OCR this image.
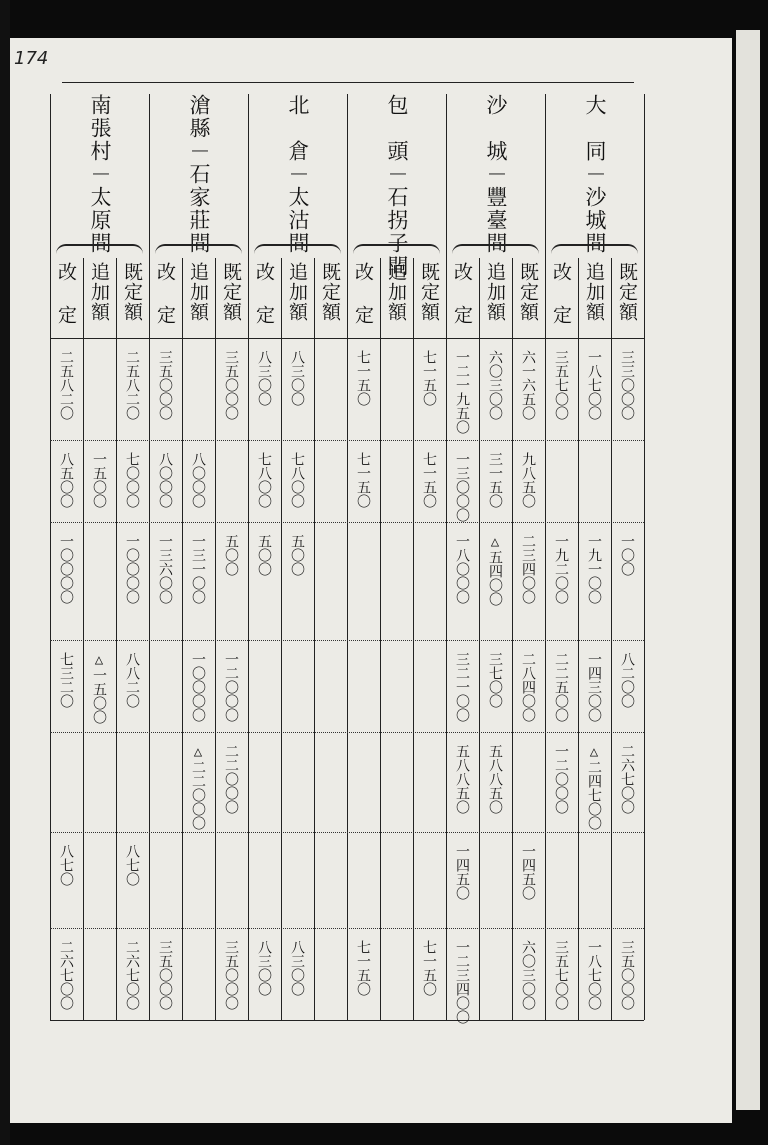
174
大　同－沙城間
既定額
三三〇〇〇
一〇〇
八二〇〇
二六七〇〇
三五〇〇〇
追加額
一八七〇〇
一九一〇〇
一四三〇〇
△二四七〇〇
一八七〇〇
改 定
三五七〇〇
一九二〇〇
二二五〇〇
一二〇〇〇
三五七〇〇
沙　城－豐臺間
既定額
六一六五〇
九八五〇
二三四〇〇
二八四〇〇
一四五〇
六〇三〇〇
追加額
六〇三〇〇
三一五〇
△五四〇〇
三七〇〇
五八八五〇
改 定
一二一九五〇
一三〇〇〇
一八〇〇〇
三二一〇〇
五八八五〇
一四五〇
一二三四〇〇
包　頭－石拐子間
既定額
七一五〇
七一五〇
七一五〇
追加額
改 定
七一五〇
七一五〇
七一五〇
北　倉－太沽間
既定額
追加額
八三〇〇
七八〇〇
五〇〇
八三〇〇
改 定
八三〇〇
七八〇〇
五〇〇
八三〇〇
滄縣－石家莊間
既定額
三五〇〇〇
五〇〇
一二〇〇〇
二二〇〇〇
三五〇〇〇
追加額
八〇〇〇
一三一〇〇
一〇〇〇〇
△二二〇〇〇
改 定
三五〇〇〇
八〇〇〇
一三六〇〇
三五〇〇〇
南張村－太原間
既定額
二五八二〇
七〇〇〇
一〇〇〇〇
八八二〇
八七〇
二六七〇〇
追加額
一五〇〇
△一五〇〇
改 定
二五八二〇
八五〇〇
一〇〇〇〇
七三二〇
八七〇
二六七〇〇
